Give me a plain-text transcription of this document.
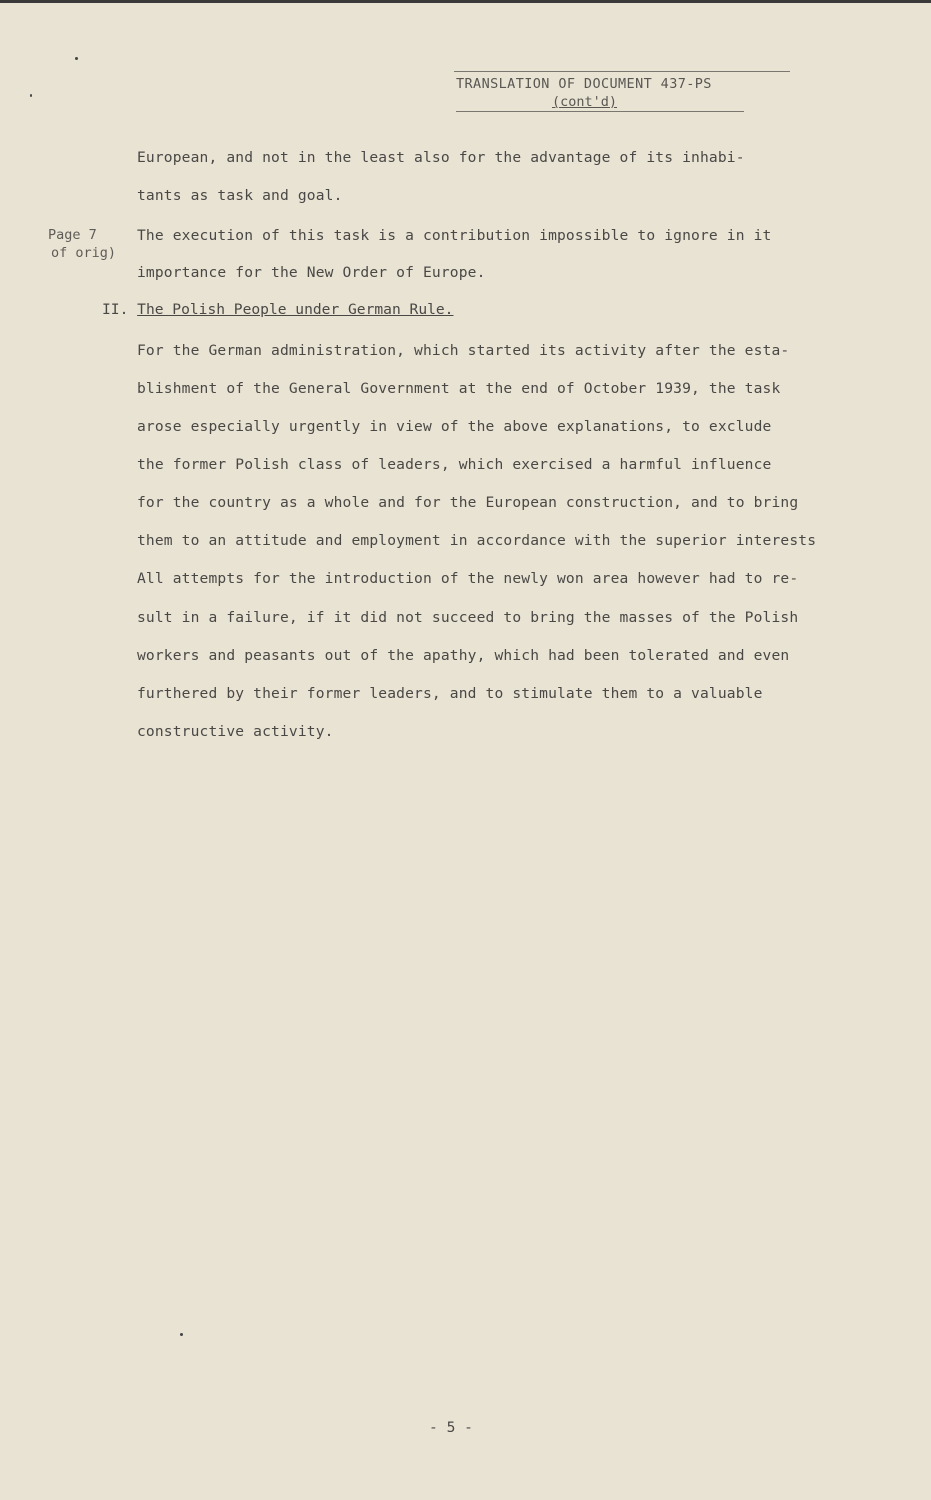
TRANSLATION OF DOCUMENT 437-PS
(cont'd)
European, and not in the least also for the advantage of its inhabi-
tants as task and goal.
Page 7
of orig)
The execution of this task is a contribution impossible to ignore in it
importance for the New Order of Europe.
II. The Polish People under German Rule.
For the German administration, which started its activity after the esta-
blishment of the General Government at the end of October 1939, the task
arose especially urgently in view of the above explanations, to exclude
the former Polish class of leaders, which exercised a harmful influence
for the country as a whole and for the European construction, and to bring
them to an attitude and employment in accordance with the superior interests
All attempts for the introduction of the newly won area however had to re-
sult in a failure, if it did not succeed to bring the masses of the Polish
workers and peasants out of the apathy, which had been tolerated and even
furthered by their former leaders, and to stimulate them to a valuable
constructive activity.
- 5 -
